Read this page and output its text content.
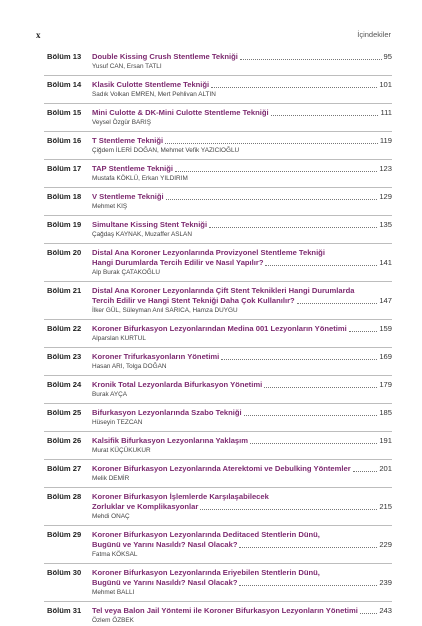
x	İçindekiler
Bölüm 13 Double Kissing Crush Stentleme Tekniği	95
Yusuf CAN, Ersan TATLI
Bölüm 14 Klasik Culotte Stentleme Tekniği	101
Sadık Volkan EMREN, Mert Pehlivan ALTIN
Bölüm 15 Mini Culotte & DK-Mini Culotte Stentleme Tekniği	111
Veysel Özgür BARIŞ
Bölüm 16 T Stentleme Tekniği	119
Çiğdem İLERİ DOĞAN, Mehmet Vefik YAZICIOĞLU
Bölüm 17 TAP Stentleme Tekniği	123
Mustafa KÖKLÜ, Erkan YILDIRIM
Bölüm 18 V Stentleme Tekniği	129
Mehmet KIŞ
Bölüm 19 Simultane Kissing Stent Tekniği	135
Çağdaş KAYNAK, Muzaffer ASLAN
Bölüm 20 Distal Ana Koroner Lezyonlarında Provizyonel Stentleme Tekniği
Hangi Durumlarda Tercih Edilir ve Nasıl Yapılır?	141
Alp Burak ÇATAKOĞLU
Bölüm 21 Distal Ana Koroner Lezyonlarında Çift Stent Teknikleri Hangi Durumlarda
Tercih Edilir ve Hangi Stent Tekniği Daha Çok Kullanılır?	147
İlker GÜL, Süleyman Anıl SARICA, Hamza DUYGU
Bölüm 22 Koroner Bifurkasyon Lezyonlarından Medina 001 Lezyonların Yönetimi	159
Alparslan KURTUL
Bölüm 23 Koroner Trifurkasyonların Yönetimi	169
Hasan ARI, Tolga DOĞAN
Bölüm 24 Kronik Total Lezyonlarda Bifurkasyon Yönetimi	179
Burak AYÇA
Bölüm 25 Bifurkasyon Lezyonlarında Szabo Tekniği	185
Hüseyin TEZCAN
Bölüm 26 Kalsifik Bifurkasyon Lezyonlarına Yaklaşım	191
Murat KÜÇÜKUKUR
Bölüm 27 Koroner Bifurkasyon Lezyonlarında Aterektomi ve Debulking Yöntemler	201
Melik DEMİR
Bölüm 28 Koroner Bifurkasyon İşlemlerde Karşılaşabilecek
Zorluklar ve Komplikasyonlar	215
Mehdi ONAÇ
Bölüm 29 Koroner Bifurkasyon Lezyonlarında Deditaced Stentlerin Dünü,
Bugünü ve Yarını Nasıldı? Nasıl Olacak?	229
Fatma KÖKSAL
Bölüm 30 Koroner Bifurkasyon Lezyonlarında Eriyebilen Stentlerin Dünü,
Bugünü ve Yarını Nasıldı? Nasıl Olacak?	239
Mehmet BALLI
Bölüm 31 Tel veya Balon Jail Yöntemi ile Koroner Bifurkasyon Lezyonların Yönetimi	243
Özlem ÖZBEK
